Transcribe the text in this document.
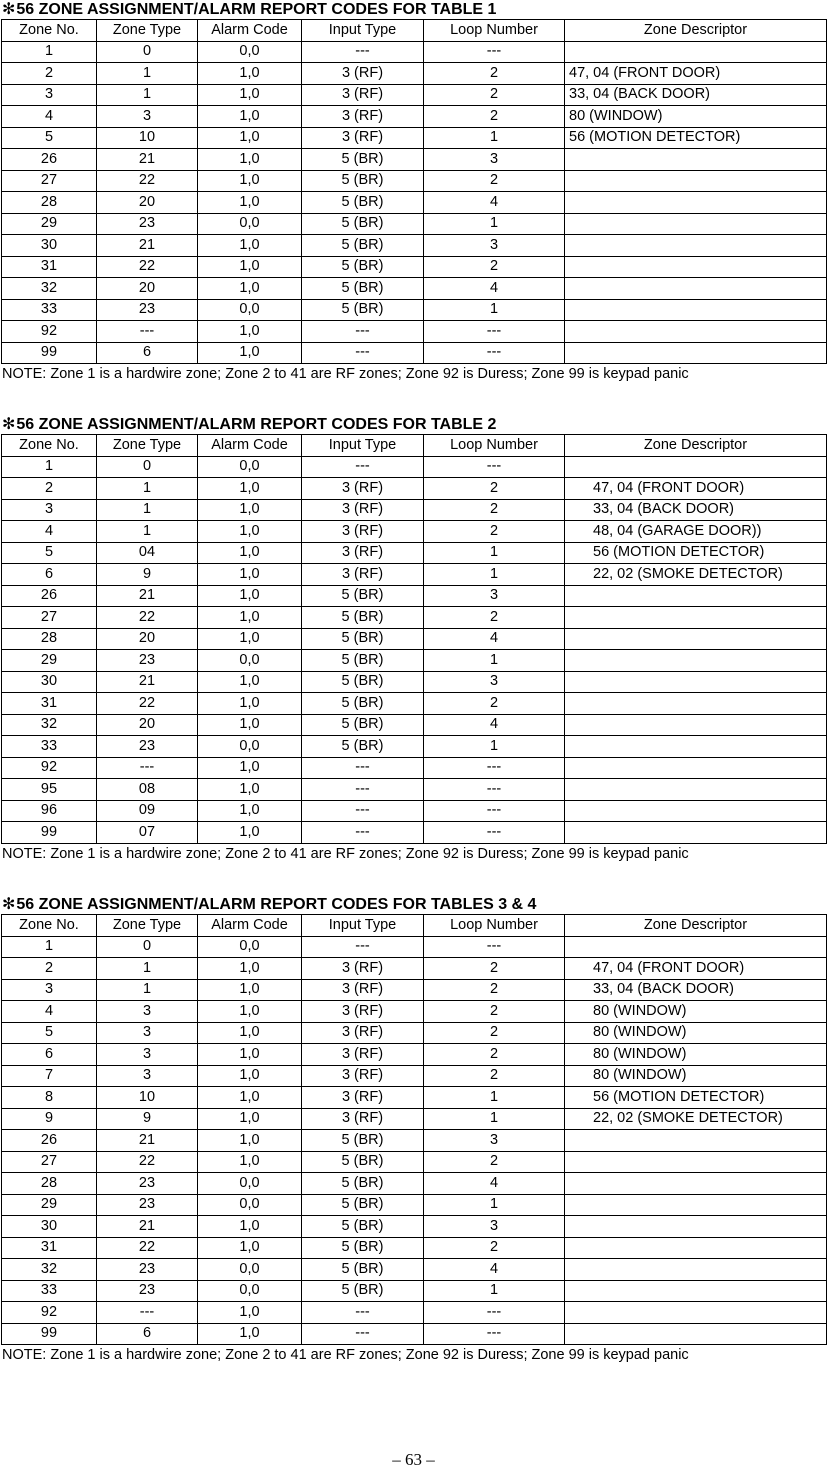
✻56 ZONE ASSIGNMENT/ALARM REPORT CODES FOR TABLE 1
Zone No.	Zone Type	Alarm Code	Input Type	Loop Number	Zone Descriptor
1	0	0,0	---	---	
2	1	1,0	3 (RF)	2	47, 04 (FRONT DOOR)
3	1	1,0	3 (RF)	2	33, 04 (BACK DOOR)
4	3	1,0	3 (RF)	2	80 (WINDOW)
5	10	1,0	3 (RF)	1	56 (MOTION DETECTOR)
26	21	1,0	5 (BR)	3	
27	22	1,0	5 (BR)	2	
28	20	1,0	5 (BR)	4	
29	23	0,0	5 (BR)	1	
30	21	1,0	5 (BR)	3	
31	22	1,0	5 (BR)	2	
32	20	1,0	5 (BR)	4	
33	23	0,0	5 (BR)	1	
92	---	1,0	---	---	
99	6	1,0	---	---	
NOTE: Zone 1 is a hardwire zone; Zone 2 to 41 are RF zones; Zone 92 is Duress; Zone 99 is keypad panic
✻56 ZONE ASSIGNMENT/ALARM REPORT CODES FOR TABLE 2
Zone No.	Zone Type	Alarm Code	Input Type	Loop Number	Zone Descriptor
1	0	0,0	---	---	
2	1	1,0	3 (RF)	2	47, 04 (FRONT DOOR)
3	1	1,0	3 (RF)	2	33, 04 (BACK DOOR)
4	1	1,0	3 (RF)	2	48, 04 (GARAGE DOOR))
5	04	1,0	3 (RF)	1	56 (MOTION DETECTOR)
6	9	1,0	3 (RF)	1	22, 02 (SMOKE DETECTOR)
26	21	1,0	5 (BR)	3	
27	22	1,0	5 (BR)	2	
28	20	1,0	5 (BR)	4	
29	23	0,0	5 (BR)	1	
30	21	1,0	5 (BR)	3	
31	22	1,0	5 (BR)	2	
32	20	1,0	5 (BR)	4	
33	23	0,0	5 (BR)	1	
92	---	1,0	---	---	
95	08	1,0	---	---	
96	09	1,0	---	---	
99	07	1,0	---	---	
NOTE: Zone 1 is a hardwire zone; Zone 2 to 41 are RF zones; Zone 92 is Duress; Zone 99 is keypad panic
✻56 ZONE ASSIGNMENT/ALARM REPORT CODES FOR TABLES 3 & 4
Zone No.	Zone Type	Alarm Code	Input Type	Loop Number	Zone Descriptor
1	0	0,0	---	---	
2	1	1,0	3 (RF)	2	47, 04 (FRONT DOOR)
3	1	1,0	3 (RF)	2	33, 04 (BACK DOOR)
4	3	1,0	3 (RF)	2	80 (WINDOW)
5	3	1,0	3 (RF)	2	80 (WINDOW)
6	3	1,0	3 (RF)	2	80 (WINDOW)
7	3	1,0	3 (RF)	2	80 (WINDOW)
8	10	1,0	3 (RF)	1	56 (MOTION DETECTOR)
9	9	1,0	3 (RF)	1	22, 02 (SMOKE DETECTOR)
26	21	1,0	5 (BR)	3	
27	22	1,0	5 (BR)	2	
28	23	0,0	5 (BR)	4	
29	23	0,0	5 (BR)	1	
30	21	1,0	5 (BR)	3	
31	22	1,0	5 (BR)	2	
32	23	0,0	5 (BR)	4	
33	23	0,0	5 (BR)	1	
92	---	1,0	---	---	
99	6	1,0	---	---	
NOTE: Zone 1 is a hardwire zone; Zone 2 to 41 are RF zones; Zone 92 is Duress; Zone 99 is keypad panic
– 63 –
